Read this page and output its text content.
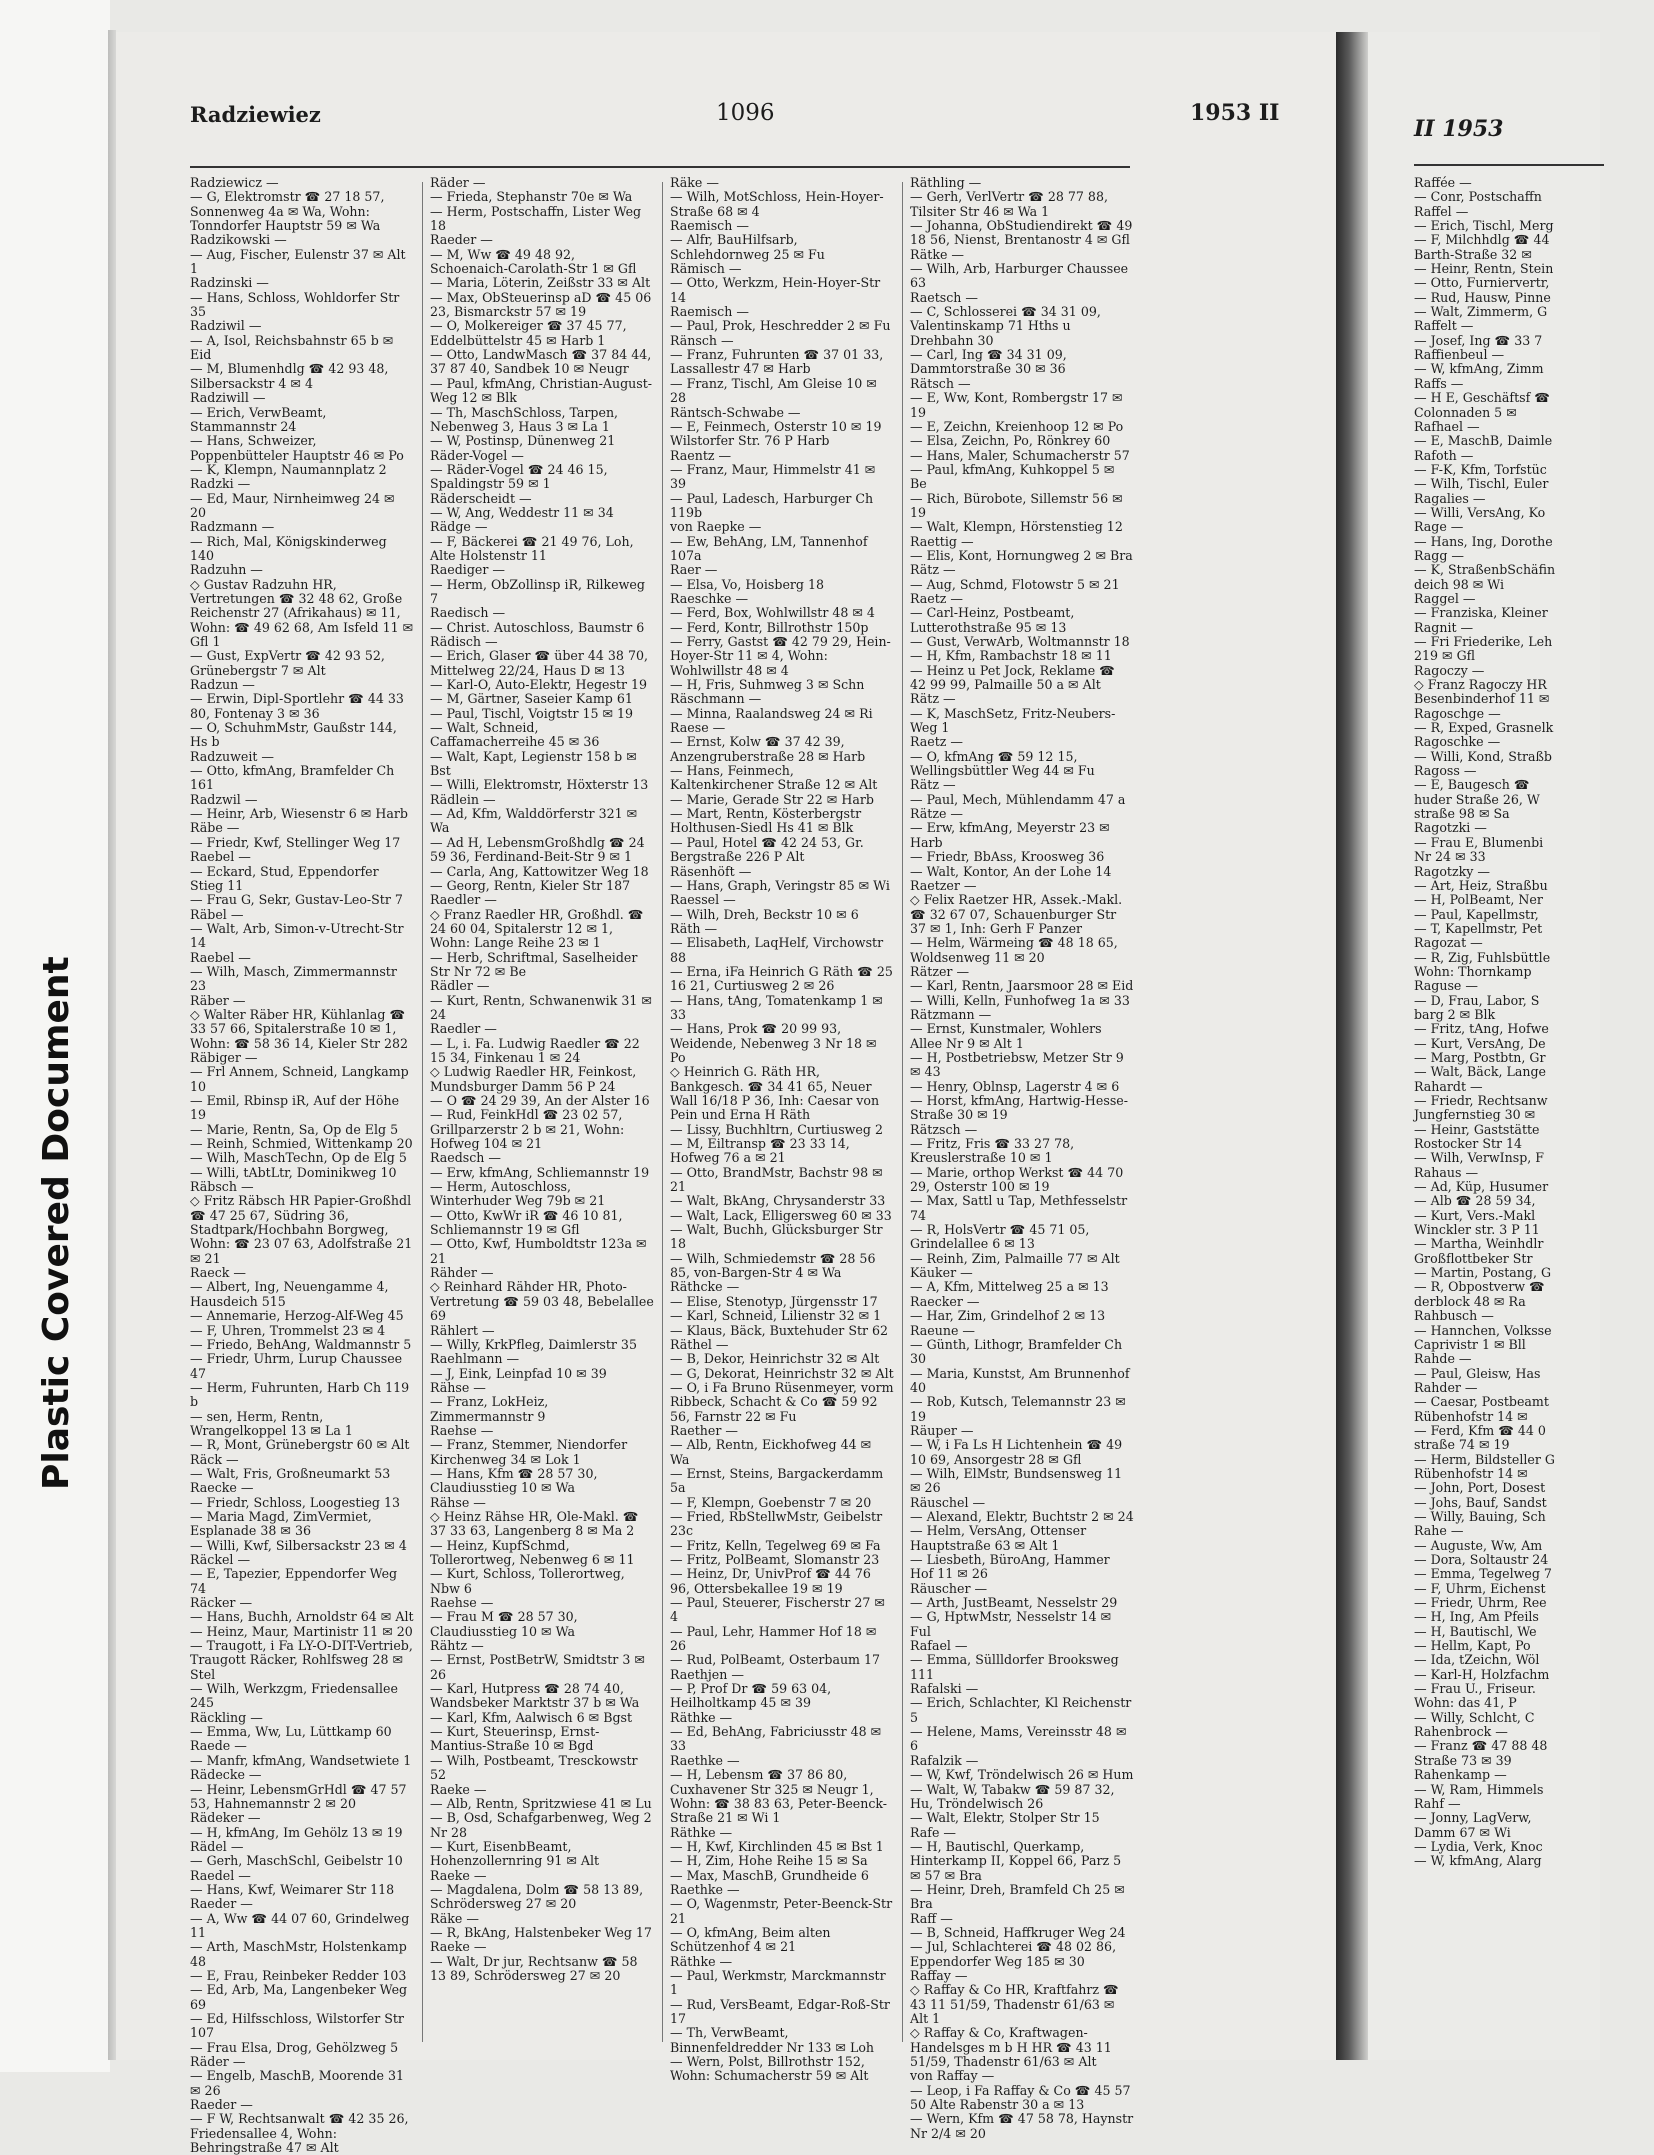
Plastic Covered Document
Radziewiez	1096	1953 II

Radziewicz —

— G, Elektromstr ☎ 27 18 57, Sonnenweg 4a ✉ Wa, Wohn: Tonndorfer Hauptstr 59 ✉ Wa

Radzikowski —

— Aug, Fischer, Eulenstr 37 ✉ Alt 1

Radzinski —

— Hans, Schloss, Wohldorfer Str 35

Radziwil —

— A, Isol, Reichsbahnstr 65 b ✉ Eid

— M, Blumenhdlg ☎ 42 93 48, Silbersackstr 4 ✉ 4

Radziwill —

— Erich, VerwBeamt, Stammannstr 24

— Hans, Schweizer, Poppenbütteler Hauptstr 46 ✉ Po

— K, Klempn, Naumannplatz 2

Radzki —

— Ed, Maur, Nirnheimweg 24 ✉ 20

Radzmann —

— Rich, Mal, Königskinderweg 140

Radzuhn —

◇ Gustav Radzuhn HR, Vertretungen ☎ 32 48 62, Große Reichenstr 27 (Afrikahaus) ✉ 11, Wohn: ☎ 49 62 68, Am Isfeld 11 ✉ Gfl 1

— Gust, ExpVertr ☎ 42 93 52, Grünebergstr 7 ✉ Alt

Radzun —

— Erwin, Dipl-Sportlehr ☎ 44 33 80, Fontenay 3 ✉ 36

— O, SchuhmMstr, Gaußstr 144, Hs b

Radzuweit —

— Otto, kfmAng, Bramfelder Ch 161

Radzwil —

— Heinr, Arb, Wiesenstr 6 ✉ Harb

Räbe —

— Friedr, Kwf, Stellinger Weg 17

Raebel —

— Eckard, Stud, Eppendorfer Stieg 11

— Frau G, Sekr, Gustav-Leo-Str 7

Räbel —

— Walt, Arb, Simon-v-Utrecht-Str 14

Raebel —

— Wilh, Masch, Zimmermannstr 23

Räber —

◇ Walter Räber HR, Kühlanlag ☎ 33 57 66, Spitalerstraße 10 ✉ 1, Wohn: ☎ 58 36 14, Kieler Str 282

Räbiger —

— Frl Annem, Schneid, Langkamp 10

— Emil, Rbinsp iR, Auf der Höhe 19

— Marie, Rentn, Sa, Op de Elg 5

— Reinh, Schmied, Wittenkamp 20

— Wilh, MaschTechn, Op de Elg 5

— Willi, tAbtLtr, Dominikweg 10

Räbsch —

◇ Fritz Räbsch HR Papier-Großhdl ☎ 47 25 67, Südring 36, Stadtpark/Hochbahn Borgweg, Wohn: ☎ 23 07 63, Adolfstraße 21 ✉ 21

Raeck —

— Albert, Ing, Neuengamme 4, Hausdeich 515

— Annemarie, Herzog-Alf-Weg 45

— F, Uhren, Trommelst 23 ✉ 4

— Friedo, BehAng, Waldmannstr 5

— Friedr, Uhrm, Lurup Chaussee 47

— Herm, Fuhrunten, Harb Ch 119 b

— sen, Herm, Rentn, Wrangelkoppel 13 ✉ La 1

— R, Mont, Grünebergstr 60 ✉ Alt

Räck —

— Walt, Fris, Großneumarkt 53

Raecke —

— Friedr, Schloss, Loogestieg 13

— Maria Magd, ZimVermiet, Esplanade 38 ✉ 36

— Willi, Kwf, Silbersackstr 23 ✉ 4

Räckel —

— E, Tapezier, Eppendorfer Weg 74

Räcker —

— Hans, Buchh, Arnoldstr 64 ✉ Alt

— Heinz, Maur, Martinistr 11 ✉ 20

— Traugott, i Fa LY-O-DIT-Vertrieb, Traugott Räcker, Rohlfsweg 28 ✉ Stel

— Wilh, Werkzgm, Friedensallee 245

Räckling —

— Emma, Ww, Lu, Lüttkamp 60

Raede —

— Manfr, kfmAng, Wandsetwiete 1

Rädecke —

— Heinr, LebensmGrHdl ☎ 47 57 53, Hahnemannstr 2 ✉ 20

Rädeker —

— H, kfmAng, Im Gehölz 13 ✉ 19

Rädel —

— Gerh, MaschSchl, Geibelstr 10

Raedel —

— Hans, Kwf, Weimarer Str 118

Raeder —

— A, Ww ☎ 44 07 60, Grindelweg 11

— Arth, MaschMstr, Holstenkamp 48

— E, Frau, Reinbeker Redder 103

— Ed, Arb, Ma, Langenbeker Weg 69

— Ed, Hilfsschloss, Wilstorfer Str 107

— Frau Elsa, Drog, Gehölzweg 5

Räder —

— Engelb, MaschB, Moorende 31 ✉ 26

Raeder —

— F W, Rechtsanwalt ☎ 42 35 26, Friedensallee 4, Wohn: Behringstraße 47 ✉ Alt

Räder —

— Frieda, Stephanstr 70e ✉ Wa

— Herm, Postschaffn, Lister Weg 18

Raeder —

— M, Ww ☎ 49 48 92, Schoenaich-Carolath-Str 1 ✉ Gfl

— Maria, Löterin, Zeißstr 33 ✉ Alt

— Max, ObSteuerinsp aD ☎ 45 06 23, Bismarckstr 57 ✉ 19

— O, Molkereiger ☎ 37 45 77, Eddelbüttelstr 45 ✉ Harb 1

— Otto, LandwMasch ☎ 37 84 44, 37 87 40, Sandbek 10 ✉ Neugr

— Paul, kfmAng, Christian-August-Weg 12 ✉ Blk

— Th, MaschSchloss, Tarpen, Nebenweg 3, Haus 3 ✉ La 1

— W, Postinsp, Dünenweg 21

Räder-Vogel —

— Räder-Vogel ☎ 24 46 15, Spaldingstr 59 ✉ 1

Räderscheidt —

— W, Ang, Weddestr 11 ✉ 34

Rädge —

— F, Bäckerei ☎ 21 49 76, Loh, Alte Holstenstr 11

Raediger —

— Herm, ObZollinsp iR, Rilkeweg 7

Raedisch —

— Christ. Autoschloss, Baumstr 6

Rädisch —

— Erich, Glaser ☎ über 44 38 70, Mittelweg 22/24, Haus D ✉ 13

— Karl-O, Auto-Elektr, Hegestr 19

— M, Gärtner, Saseier Kamp 61

— Paul, Tischl, Voigtstr 15 ✉ 19

— Walt, Schneid, Caffamacherreihe 45 ✉ 36

— Walt, Kapt, Legienstr 158 b ✉ Bst

— Willi, Elektromstr, Höxterstr 13

Rädlein —

— Ad, Kfm, Walddörferstr 321 ✉ Wa

— Ad H, LebensmGroßhdlg ☎ 24 59 36, Ferdinand-Beit-Str 9 ✉ 1

— Carla, Ang, Kattowitzer Weg 18

— Georg, Rentn, Kieler Str 187

Raedler —

◇ Franz Raedler HR, Großhdl. ☎ 24 60 04, Spitalerstr 12 ✉ 1, Wohn: Lange Reihe 23 ✉ 1

— Herb, Schriftmal, Saselheider Str Nr 72 ✉ Be

Rädler —

— Kurt, Rentn, Schwanenwik 31 ✉ 24

Raedler —

— L, i. Fa. Ludwig Raedler ☎ 22 15 34, Finkenau 1 ✉ 24

◇ Ludwig Raedler HR, Feinkost, Mundsburger Damm 56 P 24

— O ☎ 24 29 39, An der Alster 16

— Rud, FeinkHdl ☎ 23 02 57, Grillparzerstr 2 b ✉ 21, Wohn: Hofweg 104 ✉ 21

Raedsch —

— Erw, kfmAng, Schliemannstr 19

— Herm, Autoschloss, Winterhuder Weg 79b ✉ 21

— Otto, KwWr iR ☎ 46 10 81, Schliemannstr 19 ✉ Gfl

— Otto, Kwf, Humboldtstr 123a ✉ 21

Rähder —

◇ Reinhard Rähder HR, Photo-Vertretung ☎ 59 03 48, Bebelallee 69

Rählert —

— Willy, KrkPfleg, Daimlerstr 35

Raehlmann —

— J, Eink, Leinpfad 10 ✉ 39

Rähse —

— Franz, LokHeiz, Zimmermannstr 9

Raehse —

— Franz, Stemmer, Niendorfer Kirchenweg 34 ✉ Lok 1

— Hans, Kfm ☎ 28 57 30, Claudiusstieg 10 ✉ Wa

Rähse —

◇ Heinz Rähse HR, Ole-Makl. ☎ 37 33 63, Langenberg 8 ✉ Ma 2

— Heinz, KupfSchmd, Tollerortweg, Nebenweg 6 ✉ 11

— Kurt, Schloss, Tollerortweg, Nbw 6

Raehse —

— Frau M ☎ 28 57 30, Claudiusstieg 10 ✉ Wa

Rähtz —

— Ernst, PostBetrW, Smidtstr 3 ✉ 26

— Karl, Hutpress ☎ 28 74 40, Wandsbeker Marktstr 37 b ✉ Wa

— Karl, Kfm, Aalwisch 6 ✉ Bgst

— Kurt, Steuerinsp, Ernst-Mantius-Straße 10 ✉ Bgd

— Wilh, Postbeamt, Tresckowstr 52

Raeke —

— Alb, Rentn, Spritzwiese 41 ✉ Lu

— B, Osd, Schafgarbenweg, Weg 2 Nr 28

— Kurt, EisenbBeamt, Hohenzollernring 91 ✉ Alt

Raeke —

— Magdalena, Dolm ☎ 58 13 89, Schrödersweg 27 ✉ 20

Räke —

— R, BkAng, Halstenbeker Weg 17

Raeke —

— Walt, Dr jur, Rechtsanw ☎ 58 13 89, Schrödersweg 27 ✉ 20

Räke —

— Wilh, MotSchloss, Hein-Hoyer-Straße 68 ✉ 4

Raemisch —

— Alfr, BauHilfsarb, Schlehdornweg 25 ✉ Fu

Rämisch —

— Otto, Werkzm, Hein-Hoyer-Str 14

Raemisch —

— Paul, Prok, Heschredder 2 ✉ Fu

Ränsch —

— Franz, Fuhrunten ☎ 37 01 33, Lassallestr 47 ✉ Harb

— Franz, Tischl, Am Gleise 10 ✉ 28

Räntsch-Schwabe —

— E, Feinmech, Osterstr 10 ✉ 19 Wilstorfer Str. 76 P Harb

Raentz —

— Franz, Maur, Himmelstr 41 ✉ 39

— Paul, Ladesch, Harburger Ch 119b

von Raepke —

— Ew, BehAng, LM, Tannenhof 107a

Raer —

— Elsa, Vo, Hoisberg 18

Raeschke —

— Ferd, Box, Wohlwillstr 48 ✉ 4

— Ferd, Kontr, Billrothstr 150p

— Ferry, Gastst ☎ 42 79 29, Hein-Hoyer-Str 11 ✉ 4, Wohn: Wohlwillstr 48 ✉ 4

— H, Fris, Suhmweg 3 ✉ Schn

Räschmann —

— Minna, Raalandsweg 24 ✉ Ri

Raese —

— Ernst, Kolw ☎ 37 42 39, Anzengruberstraße 28 ✉ Harb

— Hans, Feinmech, Kaltenkirchener Straße 12 ✉ Alt

— Marie, Gerade Str 22 ✉ Harb

— Mart, Rentn, Kösterbergstr Holthusen-Siedl Hs 41 ✉ Blk

— Paul, Hotel ☎ 42 24 53, Gr. Bergstraße 226 P Alt

Räsenhöft —

— Hans, Graph, Veringstr 85 ✉ Wi

Raessel —

— Wilh, Dreh, Beckstr 10 ✉ 6

Räth —

— Elisabeth, LaqHelf, Virchowstr 88

— Erna, iFa Heinrich G Räth ☎ 25 16 21, Curtiusweg 2 ✉ 26

— Hans, tAng, Tomatenkamp 1 ✉ 33

— Hans, Prok ☎ 20 99 93, Weidende, Nebenweg 3 Nr 18 ✉ Po

◇ Heinrich G. Räth HR, Bankgesch. ☎ 34 41 65, Neuer Wall 16/18 P 36, Inh: Caesar von Pein und Erna H Räth

— Lissy, Buchhltrn, Curtiusweg 2

— M, Eiltransp ☎ 23 33 14, Hofweg 76 a ✉ 21

— Otto, BrandMstr, Bachstr 98 ✉ 21

— Walt, BkAng, Chrysanderstr 33

— Walt, Lack, Elligersweg 60 ✉ 33

— Walt, Buchh, Glücksburger Str 18

— Wilh, Schmiedemstr ☎ 28 56 85, von-Bargen-Str 4 ✉ Wa

Räthcke —

— Elise, Stenotyp, Jürgensstr 17

— Karl, Schneid, Lilienstr 32 ✉ 1

— Klaus, Bäck, Buxtehuder Str 62

Räthel —

— B, Dekor, Heinrichstr 32 ✉ Alt

— G, Dekorat, Heinrichstr 32 ✉ Alt

— O, i Fa Bruno Rüsenmeyer, vorm Ribbeck, Schacht & Co ☎ 59 92 56, Farnstr 22 ✉ Fu

Raether —

— Alb, Rentn, Eickhofweg 44 ✉ Wa

— Ernst, Steins, Bargackerdamm 5a

— F, Klempn, Goebenstr 7 ✉ 20

— Fried, RbStellwMstr, Geibelstr 23c

— Fritz, Kelln, Tegelweg 69 ✉ Fa

— Fritz, PolBeamt, Slomanstr 23

— Heinz, Dr, UnivProf ☎ 44 76 96, Ottersbekallee 19 ✉ 19

— Paul, Steuerer, Fischerstr 27 ✉ 4

— Paul, Lehr, Hammer Hof 18 ✉ 26

— Rud, PolBeamt, Osterbaum 17

Raethjen —

— P, Prof Dr ☎ 59 63 04, Heilholtkamp 45 ✉ 39

Räthke —

— Ed, BehAng, Fabriciusstr 48 ✉ 33

Raethke —

— H, Lebensm ☎ 37 86 80, Cuxhavener Str 325 ✉ Neugr 1, Wohn: ☎ 38 83 63, Peter-Beenck-Straße 21 ✉ Wi 1

Räthke —

— H, Kwf, Kirchlinden 45 ✉ Bst 1

— H, Zim, Hohe Reihe 15 ✉ Sa

— Max, MaschB, Grundheide 6

Raethke —

— O, Wagenmstr, Peter-Beenck-Str 21

— O, kfmAng, Beim alten Schützenhof 4 ✉ 21

Räthke —

— Paul, Werkmstr, Marckmannstr 1

— Rud, VersBeamt, Edgar-Roß-Str 17

— Th, VerwBeamt, Binnenfeldredder Nr 133 ✉ Loh

— Wern, Polst, Billrothstr 152, Wohn: Schumacherstr 59 ✉ Alt

Räthling —

— Gerh, VerlVertr ☎ 28 77 88, Tilsiter Str 46 ✉ Wa 1

— Johanna, ObStudiendirekt ☎ 49 18 56, Nienst, Brentanostr 4 ✉ Gfl

Rätke —

— Wilh, Arb, Harburger Chaussee 63

Raetsch —

— C, Schlosserei ☎ 34 31 09, Valentinskamp 71 Hths u Drehbahn 30

— Carl, Ing ☎ 34 31 09, Dammtorstraße 30 ✉ 36

Rätsch —

— E, Ww, Kont, Rombergstr 17 ✉ 19

— E, Zeichn, Kreienhoop 12 ✉ Po

— Elsa, Zeichn, Po, Rönkrey 60

— Hans, Maler, Schumacherstr 57

— Paul, kfmAng, Kuhkoppel 5 ✉ Be

— Rich, Bürobote, Sillemstr 56 ✉ 19

— Walt, Klempn, Hörstenstieg 12

Raettig —

— Elis, Kont, Hornungweg 2 ✉ Bra

Rätz —

— Aug, Schmd, Flotowstr 5 ✉ 21

Raetz —

— Carl-Heinz, Postbeamt, Lutterothstraße 95 ✉ 13

— Gust, VerwArb, Woltmannstr 18

— H, Kfm, Rambachstr 18 ✉ 11

— Heinz u Pet Jock, Reklame ☎ 42 99 99, Palmaille 50 a ✉ Alt

Rätz —

— K, MaschSetz, Fritz-Neubers-Weg 1

Raetz —

— O, kfmAng ☎ 59 12 15, Wellingsbüttler Weg 44 ✉ Fu

Rätz —

— Paul, Mech, Mühlendamm 47 a

Rätze —

— Erw, kfmAng, Meyerstr 23 ✉ Harb

— Friedr, BbAss, Kroosweg 36

— Walt, Kontor, An der Lohe 14

Raetzer —

◇ Felix Raetzer HR, Assek.-Makl. ☎ 32 67 07, Schauenburger Str 37 ✉ 1, Inh: Gerh F Panzer

— Helm, Wärmeing ☎ 48 18 65, Woldsenweg 11 ✉ 20

Rätzer —

— Karl, Rentn, Jaarsmoor 28 ✉ Eid

— Willi, Kelln, Funhofweg 1a ✉ 33

Rätzmann —

— Ernst, Kunstmaler, Wohlers Allee Nr 9 ✉ Alt 1

— H, Postbetriebsw, Metzer Str 9 ✉ 43

— Henry, Oblnsp, Lagerstr 4 ✉ 6

— Horst, kfmAng, Hartwig-Hesse-Straße 30 ✉ 19

Rätzsch —

— Fritz, Fris ☎ 33 27 78, Kreuslerstraße 10 ✉ 1

— Marie, orthop Werkst ☎ 44 70 29, Osterstr 100 ✉ 19

— Max, Sattl u Tap, Methfesselstr 74

— R, HolsVertr ☎ 45 71 05, Grindelallee 6 ✉ 13

— Reinh, Zim, Palmaille 77 ✉ Alt

Käuker —

— A, Kfm, Mittelweg 25 a ✉ 13

Raecker —

— Har, Zim, Grindelhof 2 ✉ 13

Raeune —

— Günth, Lithogr, Bramfelder Ch 30

— Maria, Kunstst, Am Brunnenhof 40

— Rob, Kutsch, Telemannstr 23 ✉ 19

Räuper —

— W, i Fa Ls H Lichtenhein ☎ 49 10 69, Ansorgestr 28 ✉ Gfl

— Wilh, ElMstr, Bundsensweg 11 ✉ 26

Räuschel —

— Alexand, Elektr, Buchtstr 2 ✉ 24

— Helm, VersAng, Ottenser Hauptstraße 63 ✉ Alt 1

— Liesbeth, BüroAng, Hammer Hof 11 ✉ 26

Räuscher —

— Arth, JustBeamt, Nesselstr 29

— G, HptwMstr, Nesselstr 14 ✉ Ful

Rafael —

— Emma, Süllldorfer Brooksweg 111

Rafalski —

— Erich, Schlachter, Kl Reichenstr 5

— Helene, Mams, Vereinsstr 48 ✉ 6

Rafalzik —

— W, Kwf, Tröndelwisch 26 ✉ Hum

— Walt, W, Tabakw ☎ 59 87 32, Hu, Tröndelwisch 26

— Walt, Elektr, Stolper Str 15

Rafe —

— H, Bautischl, Querkamp, Hinterkamp II, Koppel 66, Parz 5 ✉ 57 ✉ Bra

— Heinr, Dreh, Bramfeld Ch 25 ✉ Bra

Raff —

— B, Schneid, Haffkruger Weg 24

— Jul, Schlachterei ☎ 48 02 86, Eppendorfer Weg 185 ✉ 30

Raffay —

◇ Raffay & Co HR, Kraftfahrz ☎ 43 11 51/59, Thadenstr 61/63 ✉ Alt 1

◇ Raffay & Co, Kraftwagen-Handelsges m b H HR ☎ 43 11 51/59, Thadenstr 61/63 ✉ Alt

von Raffay —

— Leop, i Fa Raffay & Co ☎ 45 57 50 Alte Rabenstr 30 a ✉ 13

— Wern, Kfm ☎ 47 58 78, Haynstr Nr 2/4 ✉ 20

II 1953

Raffée —

— Conr, Postschaffn

Raffel —

— Erich, Tischl, Merg

— F, Milchhdlg ☎ 44

Barth-Straße 32 ✉

— Heinr, Rentn, Stein

— Otto, Furniervertr,

— Rud, Hausw, Pinne

— Walt, Zimmerm, G

Raffelt —

— Josef, Ing ☎ 33 7

Raffienbeul —

— W, kfmAng, Zimm

Raffs —

— H E, Geschäftsf ☎

Colonnaden 5 ✉

Rafhael —

— E, MaschB, Daimle

Rafoth —

— F-K, Kfm, Torfstüc

— Wilh, Tischl, Euler

Ragalies —

— Willi, VersAng, Ko

Rage —

— Hans, Ing, Dorothe

Ragg —

— K, StraßenbSchäfin

deich 98 ✉ Wi

Raggel —

— Franziska, Kleiner

Ragnit —

— Fri Friederike, Leh

219 ✉ Gfl

Ragoczy —

◇ Franz Ragoczy HR

Besenbinderhof 11 ✉

Ragoschge —

— R, Exped, Grasnelk

Ragoschke —

— Willi, Kond, Straßb

Ragoss —

— E, Baugesch ☎

huder Straße 26, W

straße 98 ✉ Sa

Ragotzki —

— Frau E, Blumenbi

Nr 24 ✉ 33

Ragotzky —

— Art, Heiz, Straßbu

— H, PolBeamt, Ner

— Paul, Kapellmstr,

— T, Kapellmstr, Pet

Ragozat —

— R, Zig, Fuhlsbüttle

Wohn: Thornkamp

Raguse —

— D, Frau, Labor, S

barg 2 ✉ Blk

— Fritz, tAng, Hofwe

— Kurt, VersAng, De

— Marg, Postbtn, Gr

— Walt, Bäck, Lange

Rahardt —

— Friedr, Rechtsanw

Jungfernstieg 30 ✉

— Heinr, Gaststätte

Rostocker Str 14

— Wilh, VerwInsp, F

Rahaus —

— Ad, Küp, Husumer

— Alb ☎ 28 59 34,

— Kurt, Vers.-Makl

Winckler str. 3 P 11

— Martha, Weinhdlr

Großflottbeker Str

— Martin, Postang, G

— R, Obpostverw ☎

derblock 48 ✉ Ra

Rahbusch —

— Hannchen, Volksse

Caprivistr 1 ✉ Bll

Rahde —

— Paul, Gleisw, Has

Rahder —

— Caesar, Postbeamt

Rübenhofstr 14 ✉

— Ferd, Kfm ☎ 44 0

straße 74 ✉ 19

— Herm, Bildsteller G

Rübenhofstr 14 ✉

— John, Port, Dosest

— Johs, Bauf, Sandst

— Willy, Bauing, Sch

Rahe —

— Auguste, Ww, Am

— Dora, Soltaustr 24

— Emma, Tegelweg 7

— F, Uhrm, Eichenst

— Friedr, Uhrm, Ree

— H, Ing, Am Pfeils

— H, Bautischl, We

— Hellm, Kapt, Po

— Ida, tZeichn, Wöl

— Karl-H, Holzfachm

— Frau U., Friseur.

Wohn: das 41, P

— Willy, Schlcht, C

Rahenbrock —

— Franz ☎ 47 88 48

Straße 73 ✉ 39

Rahenkamp —

— W, Ram, Himmels

Rahf —

— Jonny, LagVerw,

Damm 67 ✉ Wi

— Lydia, Verk, Knoc

— W, kfmAng, Alarg
